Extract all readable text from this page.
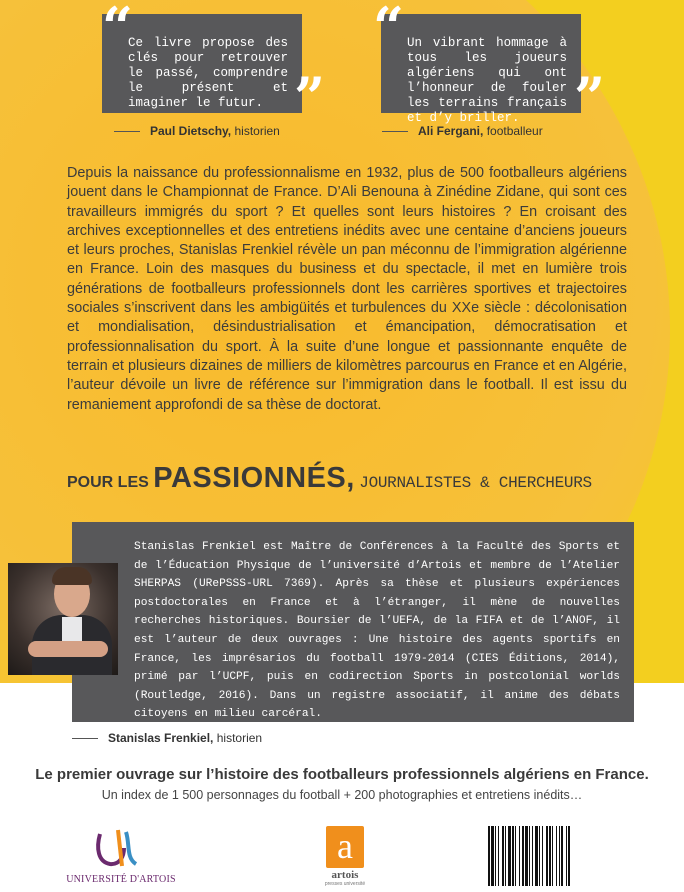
Ce livre propose des clés pour retrouver le passé, comprendre le présent et imaginer le futur.
“
”
Paul Dietschy, historien
Un vibrant hommage à tous les joueurs algériens qui ont l’honneur de fouler les terrains français et d’y briller.
“
”
Ali Fergani, footballeur
Depuis la naissance du professionnalisme en 1932, plus de 500 footballeurs algériens jouent dans le Championnat de France. D’Ali Benouna à Zinédine Zidane, qui sont ces travailleurs immigrés du sport ? Et quelles sont leurs histoires ? En croisant des archives exceptionnelles et des entretiens inédits avec une centaine d’anciens joueurs et leurs proches, Stanislas Frenkiel révèle un pan méconnu de l’immigration algérienne en France. Loin des masques du business et du spectacle, il met en lumière trois générations de footballeurs professionnels dont les carrières sportives et trajectoires sociales s’inscrivent dans les ambigüités et turbulences du XXe siècle : décolonisation et mondialisation, désindustrialisation et émancipation, démocratisation et professionnalisation du sport. À la suite d’une longue et passionnante enquête de terrain et plusieurs dizaines de milliers de kilomètres parcourus en France et en Algérie, l’auteur dévoile un livre de référence sur l’immigration dans le football. Il est issu du remaniement approfondi de sa thèse de doctorat.
POUR LES PASSIONNÉS, JOURNALISTES & CHERCHEURS
Stanislas Frenkiel est Maître de Conférences à la Faculté des Sports et de l’Éducation Physique de l’université d’Artois et membre de l’Atelier SHERPAS (URePSSS-URL 7369). Après sa thèse et plusieurs expériences postdoctorales en France et à l’étranger, il mène de nouvelles recherches historiques. Boursier de l’UEFA, de la FIFA et de l’ANOF, il est l’auteur de deux ouvrages : Une histoire des agents sportifs en France, les imprésarios du football 1979-2014 (CIES Éditions, 2014), primé par l’UCPF, puis en codirection Sports in postcolonial worlds (Routledge, 2016). Dans un registre associatif, il anime des débats citoyens en milieu carcéral.
Stanislas Frenkiel, historien
Le premier ouvrage sur l’histoire des footballeurs professionnels algériens en France.
Un index de 1 500 personnages du football + 200 photographies et entretiens inédits…
UNIVERSITÉ D'ARTOIS
a
artois
presses université
